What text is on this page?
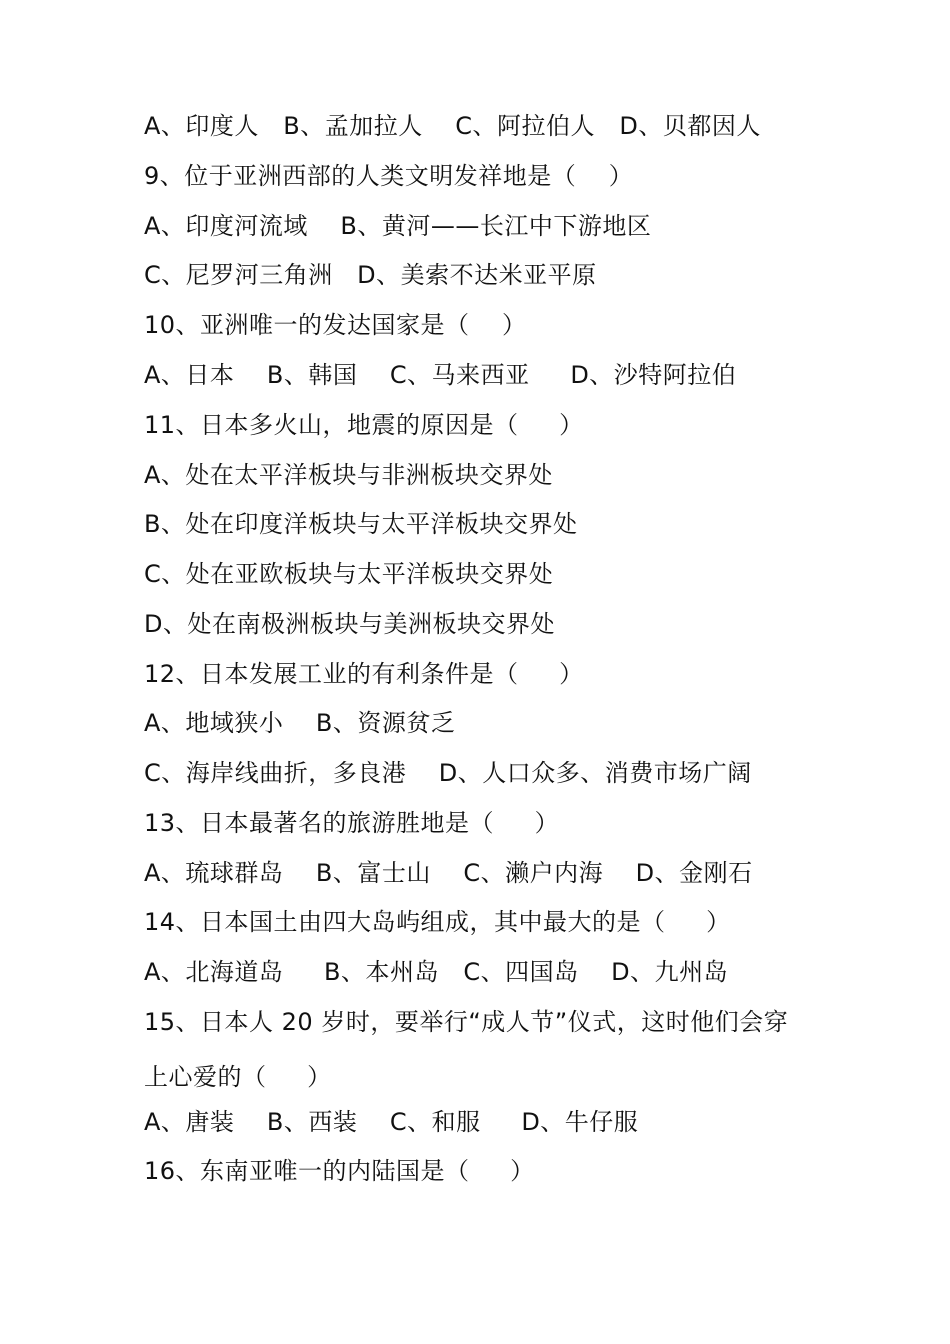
A、印度人   B、孟加拉人    C、阿拉伯人   D、贝都因人
9、位于亚洲西部的人类文明发祥地是（    ）
A、印度河流域    B、黄河——长江中下游地区
C、尼罗河三角洲   D、美索不达米亚平原
10、亚洲唯一的发达国家是（    ）
A、日本    B、韩国    C、马来西亚     D、沙特阿拉伯
11、日本多火山，地震的原因是（     ）
A、处在太平洋板块与非洲板块交界处
B、处在印度洋板块与太平洋板块交界处
C、处在亚欧板块与太平洋板块交界处
D、处在南极洲板块与美洲板块交界处
12、日本发展工业的有利条件是（     ）
A、地域狭小    B、资源贫乏
C、海岸线曲折，多良港    D、人口众多、消费市场广阔
13、日本最著名的旅游胜地是（     ）
A、琉球群岛    B、富士山    C、濑户内海    D、金刚石
14、日本国土由四大岛屿组成，其中最大的是（     ）
A、北海道岛     B、本州岛   C、四国岛    D、九州岛
15、日本人 20 岁时，要举行“成人节”仪式，这时他们会穿
上心爱的（     ）
A、唐装    B、西装    C、和服     D、牛仔服
16、东南亚唯一的内陆国是（     ）
